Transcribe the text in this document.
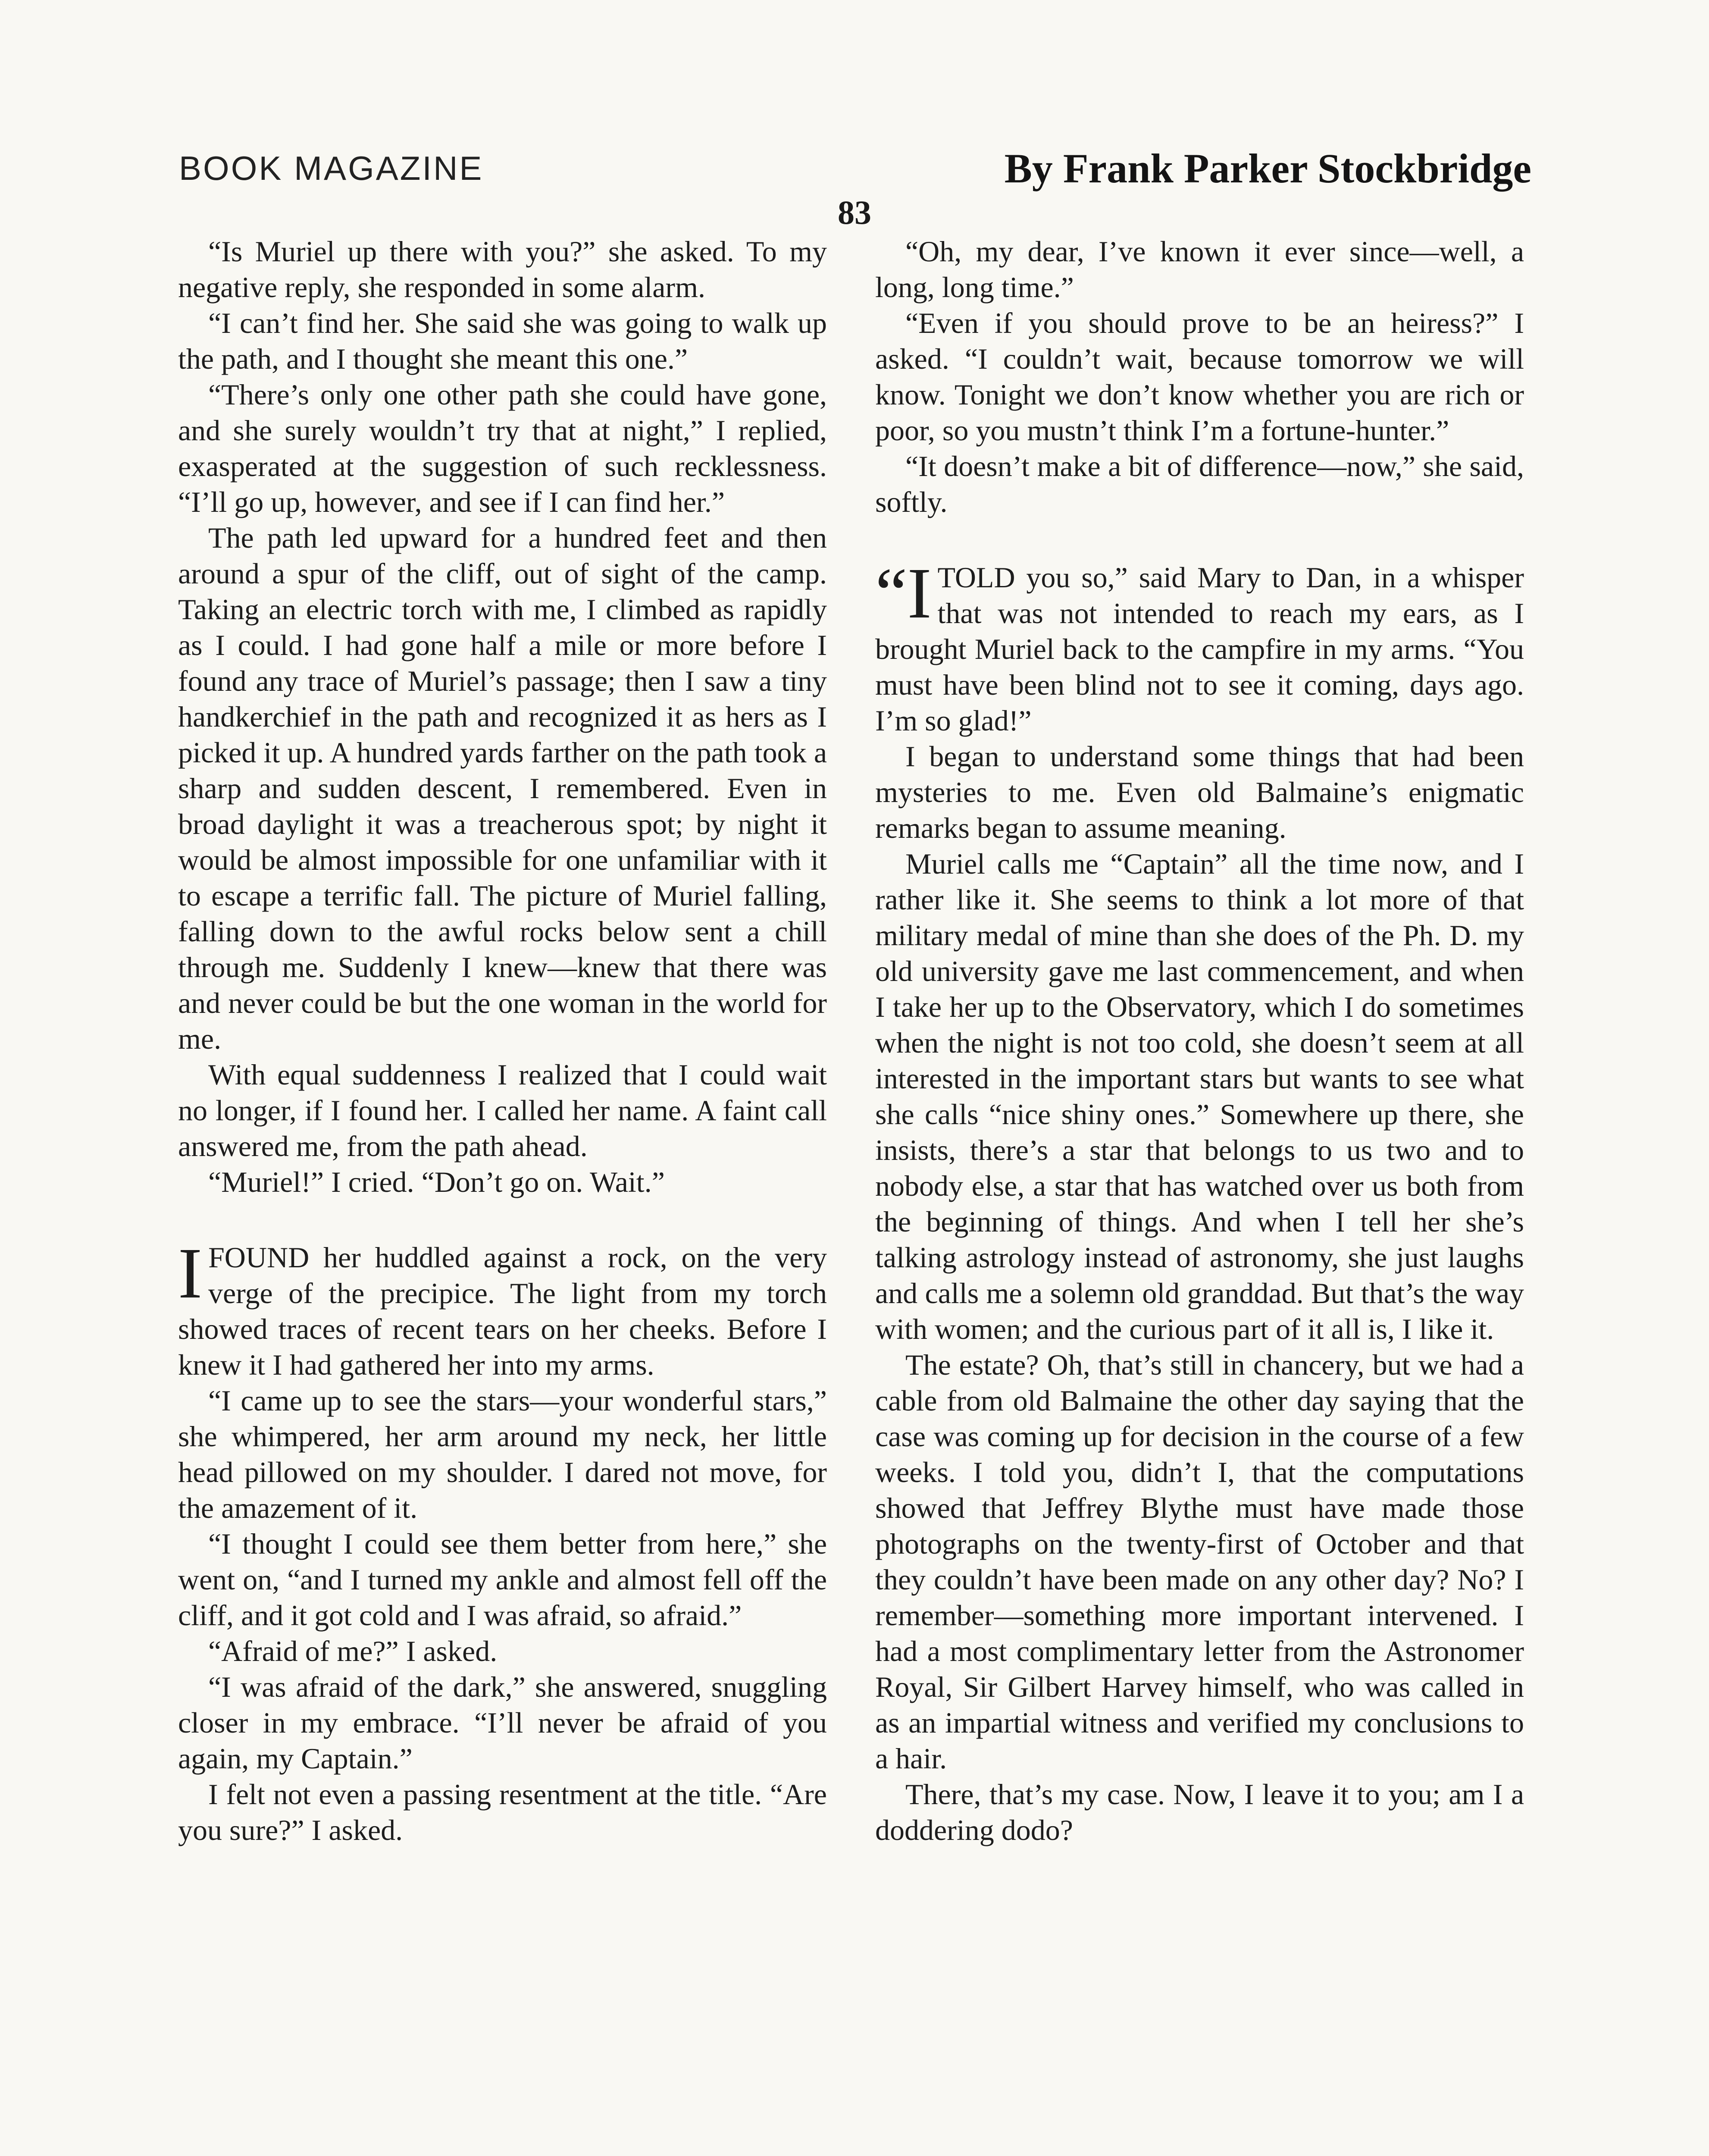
BOOK MAGAZINE	By Frank Parker Stockbridge
83

“Is Muriel up there with you?” she asked. To my negative reply, she responded in some alarm.

“I can’t find her. She said she was going to walk up the path, and I thought she meant this one.”

“There’s only one other path she could have gone, and she surely wouldn’t try that at night,” I replied, exasperated at the suggestion of such recklessness. “I’ll go up, however, and see if I can find her.”

The path led upward for a hundred feet and then around a spur of the cliff, out of sight of the camp. Taking an electric torch with me, I climbed as rapidly as I could. I had gone half a mile or more before I found any trace of Muriel’s passage; then I saw a tiny handkerchief in the path and recognized it as hers as I picked it up. A hundred yards farther on the path took a sharp and sudden descent, I remembered. Even in broad daylight it was a treacherous spot; by night it would be almost impossible for one unfamiliar with it to escape a terrific fall. The picture of Muriel falling, falling down to the awful rocks below sent a chill through me. Suddenly I knew—knew that there was and never could be but the one woman in the world for me.

With equal suddenness I realized that I could wait no longer, if I found her. I called her name. A faint call answered me, from the path ahead.

“Muriel!” I cried. “Don’t go on. Wait.”

IFOUND her huddled against a rock, on the very verge of the precipice. The light from my torch showed traces of recent tears on her cheeks. Before I knew it I had gathered her into my arms.

“I came up to see the stars—your wonderful stars,” she whimpered, her arm around my neck, her little head pillowed on my shoulder. I dared not move, for the amazement of it.

“I thought I could see them better from here,” she went on, “and I turned my ankle and almost fell off the cliff, and it got cold and I was afraid, so afraid.”

“Afraid of me?” I asked.

“I was afraid of the dark,” she answered, snuggling closer in my embrace. “I’ll never be afraid of you again, my Captain.”

I felt not even a passing resentment at the title. “Are you sure?” I asked.

“Oh, my dear, I’ve known it ever since—well, a long, long time.”

“Even if you should prove to be an heiress?” I asked. “I couldn’t wait, because tomorrow we will know. Tonight we don’t know whether you are rich or poor, so you mustn’t think I’m a fortune-hunter.”

“It doesn’t make a bit of difference—now,” she said, softly.

“ITOLD you so,” said Mary to Dan, in a whisper that was not intended to reach my ears, as I brought Muriel back to the campfire in my arms. “You must have been blind not to see it coming, days ago. I’m so glad!”

I began to understand some things that had been mysteries to me. Even old Balmaine’s enigmatic remarks began to assume meaning.

Muriel calls me “Captain” all the time now, and I rather like it. She seems to think a lot more of that military medal of mine than she does of the Ph. D. my old university gave me last commencement, and when I take her up to the Observatory, which I do sometimes when the night is not too cold, she doesn’t seem at all interested in the important stars but wants to see what she calls “nice shiny ones.” Somewhere up there, she insists, there’s a star that belongs to us two and to nobody else, a star that has watched over us both from the beginning of things. And when I tell her she’s talking astrology instead of astronomy, she just laughs and calls me a solemn old granddad. But that’s the way with women; and the curious part of it all is, I like it.

The estate? Oh, that’s still in chancery, but we had a cable from old Balmaine the other day saying that the case was coming up for decision in the course of a few weeks. I told you, didn’t I, that the computations showed that Jeffrey Blythe must have made those photographs on the twenty-first of October and that they couldn’t have been made on any other day? No? I remember—something more important intervened. I had a most complimentary letter from the Astronomer Royal, Sir Gilbert Harvey himself, who was called in as an impartial witness and verified my conclusions to a hair.

There, that’s my case. Now, I leave it to you; am I a doddering dodo?
